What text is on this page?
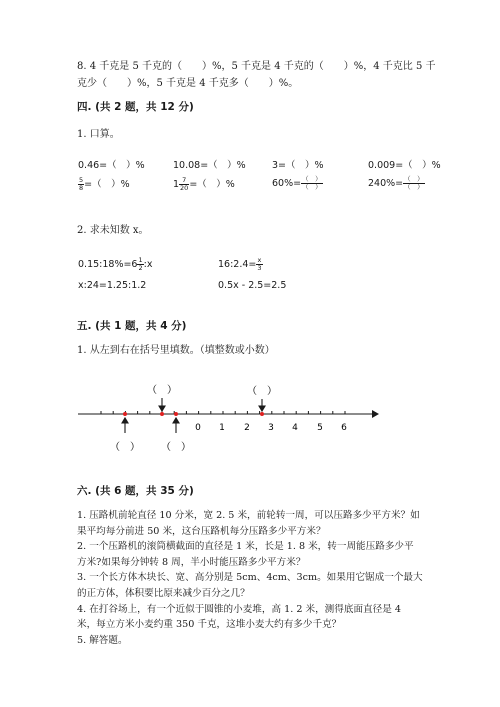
8. 4 千克是 5 千克的（　　）%，5 千克是 4 千克的（　　）%，4 千克比 5 千
克少（　　）%，5 千克是 4 千克多（　　）%。
四. (共 2 题，共 12 分)
1. 口算。
0.46=（　）%	10.08=（　）%	3=（　）%	0.009=（　）%
$\frac{5}{8}$ =（　）%	$1 \frac{7}{20}$ =（　）%	$60\%= \frac{( )}{( )}$	$240\%= \frac{( )}{( )}$
2. 求未知数 x。
0.15:18%=6 $\frac{1}{2}$ :x	16:2.4= $\frac{x}{3}$
x:24=1.25:1.2	0.5x - 2.5=2.5
五. (共 1 题，共 4 分)
1. 从左到右在括号里填数。（填整数或小数）
0 1 2 3 4 5 6
（　）	（　）
（　） （　）
六. (共 6 题，共 35 分)
1. 压路机前轮直径 10 分米，宽 2. 5 米，前轮转一周，可以压路多少平方米？如
果平均每分前进 50 米，这台压路机每分压路多少平方米？
2. 一个压路机的滚筒横截面的直径是 1 米，长是 1. 8 米，转一周能压路多少平
方米?如果每分钟转 8 周，半小时能压路多少平方米？
3. 一个长方体木块长、宽、高分别是 5cm、4cm、3cm。如果用它锯成一个最大
的正方体，体积要比原来减少百分之几？
4. 在打谷场上，有一个近似于圆锥的小麦堆，高 1. 2 米，测得底面直径是 4
米，每立方米小麦约重 350 千克，这堆小麦大约有多少千克？
5. 解答题。
